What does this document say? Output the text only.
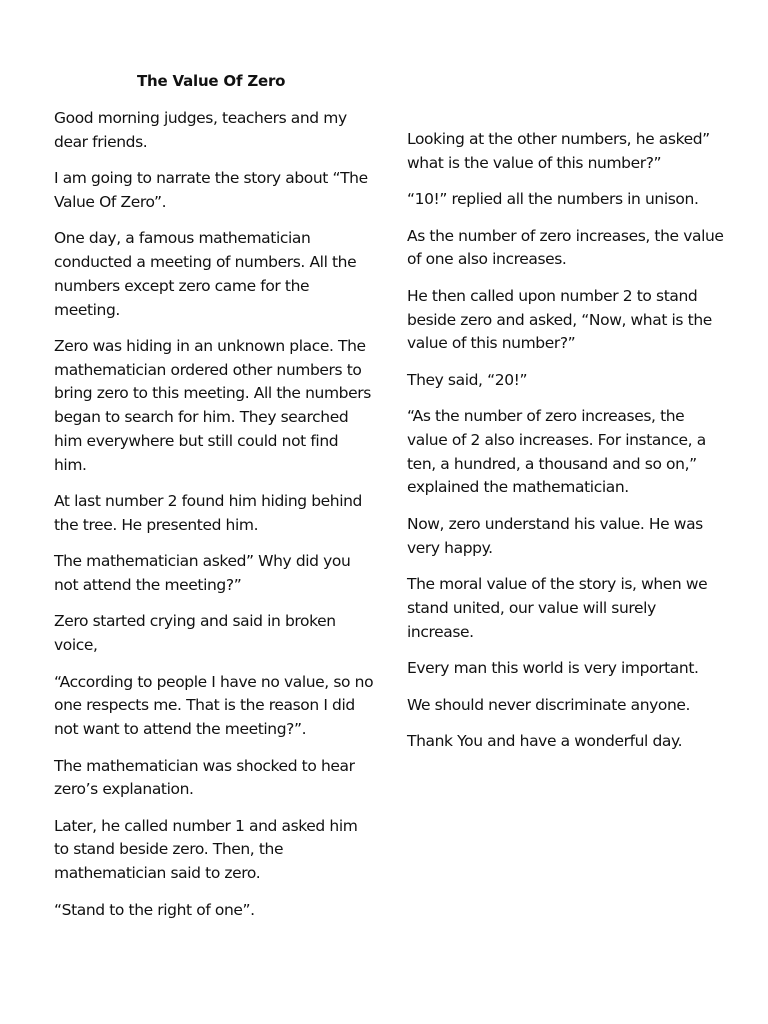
The Value Of Zero

Good morning judges, teachers and my dear friends.

I am going to narrate the story about “The Value Of Zero”.

One day, a famous mathematician conducted a meeting of numbers. All the numbers except zero came for the meeting.

Zero was hiding in an unknown place. The mathematician ordered other numbers to bring zero to this meeting. All the numbers began to search for him. They searched him everywhere but still could not find him.

At last number 2 found him hiding behind the tree. He presented him.

The mathematician asked” Why did you not attend the meeting?”

Zero started crying and said in broken voice,

“According to people I have no value, so no one respects me. That is the reason I did not want to attend the meeting?”.

The mathematician was shocked to hear zero’s explanation.

Later, he called number 1 and asked him to stand beside zero. Then, the mathematician said to zero.

“Stand to the right of one”.

Looking at the other numbers, he asked” what is the value of this number?”

“10!” replied all the numbers in unison.

As the number of zero increases, the value of one also increases.

He then called upon number 2 to stand beside zero and asked, “Now, what is the value of this number?”

They said, “20!”

“As the number of zero increases, the value of 2 also increases. For instance, a ten, a hundred, a thousand and so on,” explained the mathematician.

Now, zero understand his value. He was very happy.

The moral value of the story is, when we stand united, our value will surely increase.

Every man this world is very important.

We should never discriminate anyone.

Thank You and have a wonderful day.
